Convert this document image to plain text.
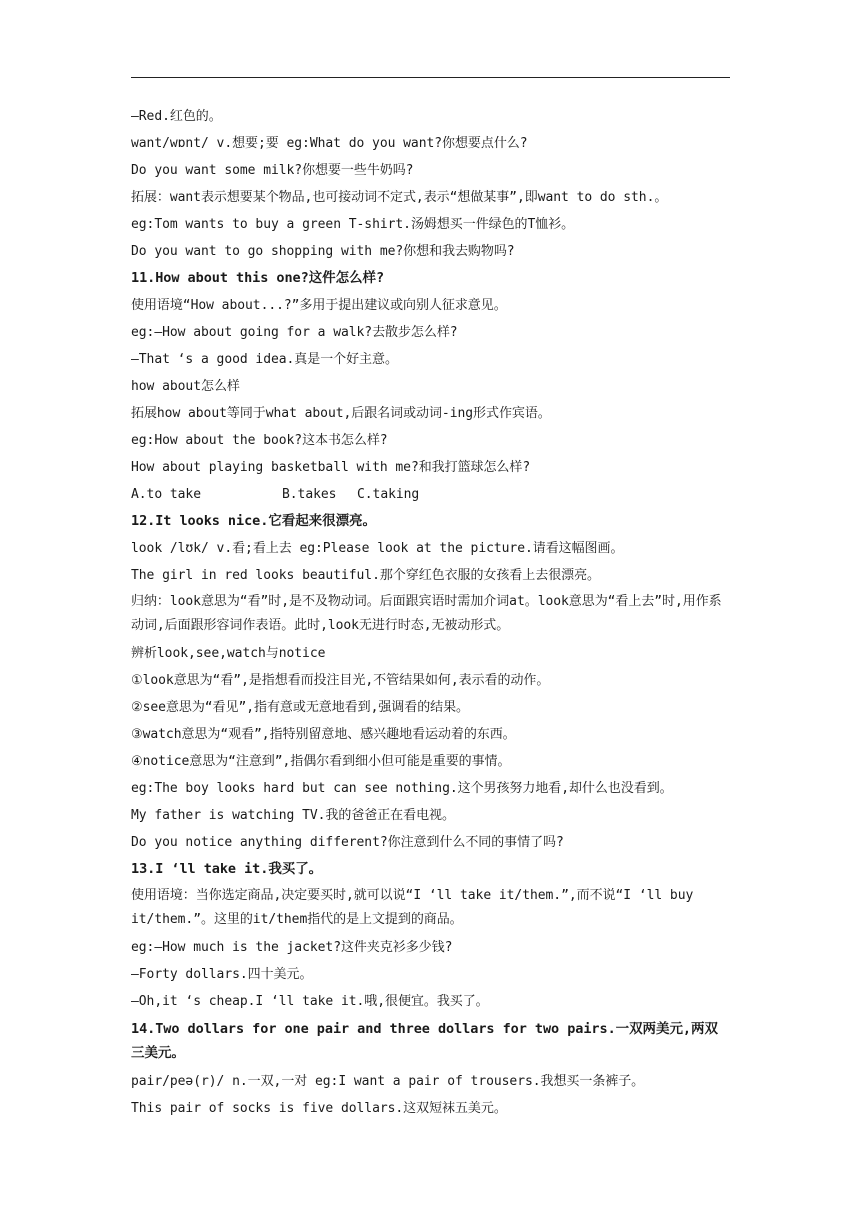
—Red.红色的。
want/wɒnt/ v.想要;要 eg:What do you want?你想要点什么?
Do you want some milk?你想要一些牛奶吗?
拓展：want表示想要某个物品,也可接动词不定式,表示“想做某事”,即want to do sth.。
eg:Tom wants to buy a green T-shirt.汤姆想买一件绿色的T恤衫。
Do you want to go shopping with me?你想和我去购物吗?
11.How about this one?这件怎么样?
使用语境“How about...?”多用于提出建议或向别人征求意见。
eg:—How about going for a walk?去散步怎么样?
—That ‘s a good idea.真是一个好主意。
how about怎么样
拓展how about等同于what about,后跟名词或动词-ing形式作宾语。
eg:How about the book?这本书怎么样?
How about playing basketball with me?和我打篮球怎么样?
A.to take	B.takes C.taking
12.It looks nice.它看起来很漂亮。
look /lʊk/ v.看;看上去 eg:Please look at the picture.请看这幅图画。
The girl in red looks beautiful.那个穿红色衣服的女孩看上去很漂亮。
归纳：look意思为“看”时,是不及物动词。后面跟宾语时需加介词at。look意思为“看上去”时,用作系动词,后面跟形容词作表语。此时,look无进行时态,无被动形式。
辨析look,see,watch与notice
①look意思为“看”,是指想看而投注目光,不管结果如何,表示看的动作。
②see意思为“看见”,指有意或无意地看到,强调看的结果。
③watch意思为“观看”,指特别留意地、感兴趣地看运动着的东西。
④notice意思为“注意到”,指偶尔看到细小但可能是重要的事情。
eg:The boy looks hard but can see nothing.这个男孩努力地看,却什么也没看到。
My father is watching TV.我的爸爸正在看电视。
Do you notice anything different?你注意到什么不同的事情了吗?
13.I ‘ll take it.我买了。
使用语境：当你选定商品,决定要买时,就可以说“I ‘ll take it/them.”,而不说“I ‘ll buy it/them.”。这里的it/them指代的是上文提到的商品。
eg:—How much is the jacket?这件夹克衫多少钱?
—Forty dollars.四十美元。
—Oh,it ‘s cheap.I ‘ll take it.哦,很便宜。我买了。
14.Two dollars for one pair and three dollars for two pairs.一双两美元,两双三美元。
pair/peə(r)/ n.一双,一对 eg:I want a pair of trousers.我想买一条裤子。
This pair of socks is five dollars.这双短袜五美元。
